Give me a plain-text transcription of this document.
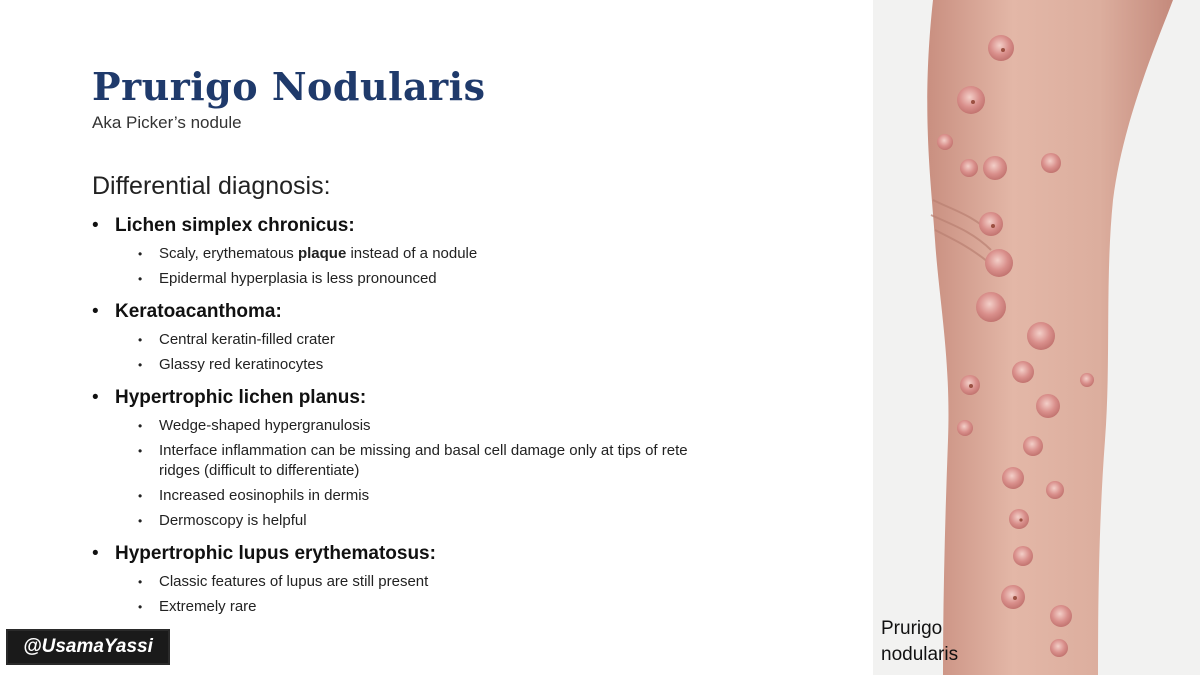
Prurigo Nodularis
Aka Picker’s nodule
Differential diagnosis:
• Lichen simplex chronicus:
• Scaly, erythematous plaque instead of a nodule
• Epidermal hyperplasia is less pronounced
• Keratoacanthoma:
• Central keratin-filled crater
• Glassy red keratinocytes
• Hypertrophic lichen planus:
• Wedge-shaped hypergranulosis
• Interface inflammation can be missing and basal cell damage only at tips of rete ridges (difficult to differentiate)
• Increased eosinophils in dermis
• Dermoscopy is helpful
• Hypertrophic lupus erythematosus:
• Classic features of lupus are still present
• Extremely rare
@UsamaYassi
Prurigo
nodularis
